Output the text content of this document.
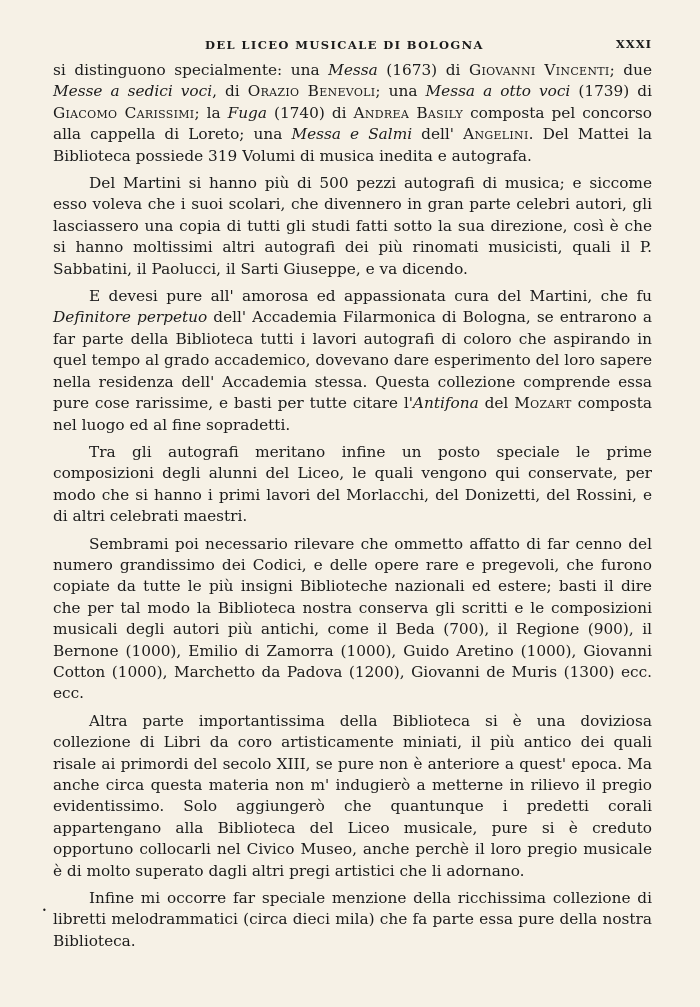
DEL LICEO MUSICALE DI BOLOGNA	XXXI

si distinguono specialmente: una Messa (1673) di Giovanni Vincenti; due Messe a sedici voci, di Orazio Benevoli; una Messa a otto voci (1739) di Giacomo Carissimi; la Fuga (1740) di Andrea Basily composta pel concorso alla cappella di Loreto; una Messa e Salmi dell' Angelini. Del Mattei la Biblioteca possiede 319 Volumi di musica inedita e autografa.

Del Martini si hanno più di 500 pezzi autografi di musica; e siccome esso voleva che i suoi scolari, che divennero in gran parte celebri autori, gli lasciassero una copia di tutti gli studi fatti sotto la sua direzione, così è che si hanno moltissimi altri autografi dei più rinomati musicisti, quali il P. Sabbatini, il Paolucci, il Sarti Giuseppe, e va dicendo.

E devesi pure all' amorosa ed appassionata cura del Martini, che fu Definitore perpetuo dell' Accademia Filarmonica di Bologna, se entrarono a far parte della Biblioteca tutti i lavori autografi di coloro che aspirando in quel tempo al grado accademico, dovevano dare esperimento del loro sapere nella residenza dell' Accademia stessa. Questa collezione comprende essa pure cose rarissime, e basti per tutte citare l'Antifona del Mozart composta nel luogo ed al fine sopradetti.

Tra gli autografi meritano infine un posto speciale le prime composizioni degli alunni del Liceo, le quali vengono qui conservate, per modo che si hanno i primi lavori del Morlacchi, del Donizetti, del Rossini, e di altri celebrati maestri.

Sembrami poi necessario rilevare che ommetto affatto di far cenno del numero grandissimo dei Codici, e delle opere rare e pregevoli, che furono copiate da tutte le più insigni Biblioteche nazionali ed estere; basti il dire che per tal modo la Biblioteca nostra conserva gli scritti e le composizioni musicali degli autori più antichi, come il Beda (700), il Regione (900), il Bernone (1000), Emilio di Zamorra (1000), Guido Aretino (1000), Giovanni Cotton (1000), Marchetto da Padova (1200), Giovanni de Muris (1300) ecc. ecc.

Altra parte importantissima della Biblioteca si è una doviziosa collezione di Libri da coro artisticamente miniati, il più antico dei quali risale ai primordi del secolo XIII, se pure non è anteriore a quest' epoca. Ma anche circa questa materia non m' indugierò a metterne in rilievo il pregio evidentissimo. Solo aggiungerò che quantunque i predetti corali appartengano alla Biblioteca del Liceo musicale, pure si è creduto opportuno collocarli nel Civico Museo, anche perchè il loro pregio musicale è di molto superato dagli altri pregi artistici che li adornano.

Infine mi occorre far speciale menzione della ricchissima collezione di libretti melodrammatici (circa dieci mila) che fa parte essa pure della nostra Biblioteca.

•
